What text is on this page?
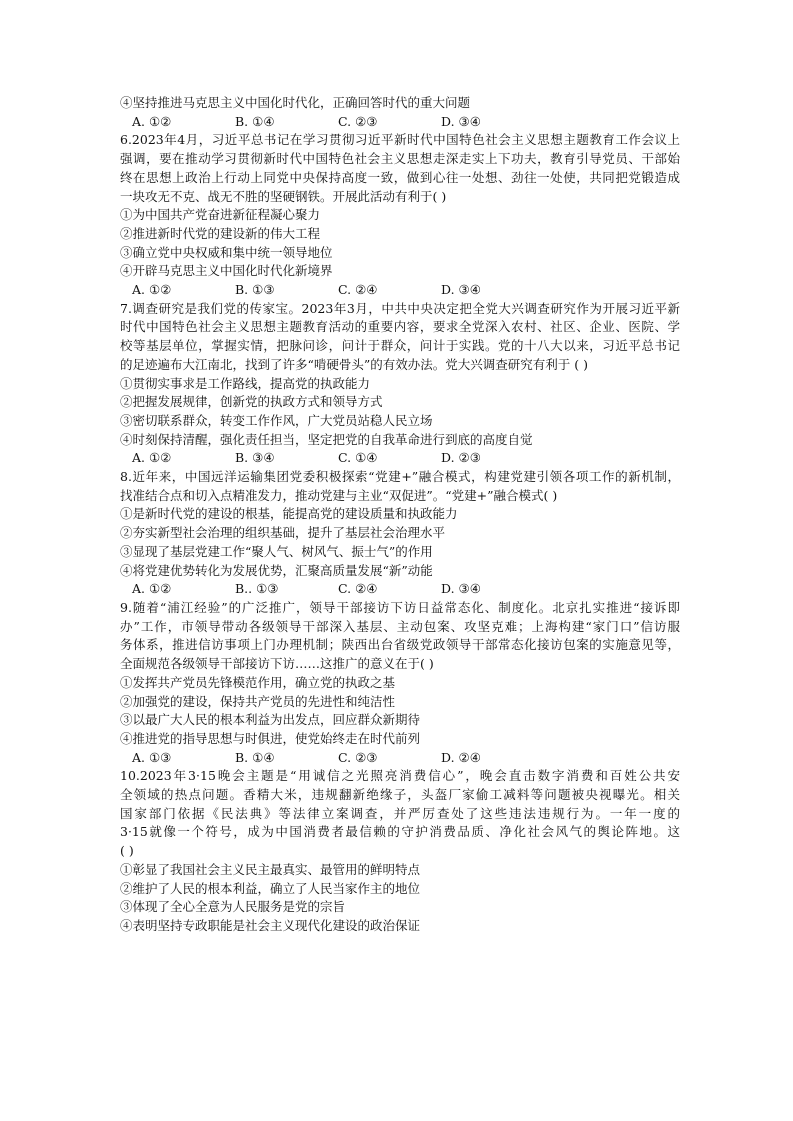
④坚持推进马克思主义中国化时代化，正确回答时代的重大问题
A. ①②	B. ①④	C. ②③	D. ③④
6.2023年4月，习近平总书记在学习贯彻习近平新时代中国特色社会主义思想主题教育工作会议上
强调，要在推动学习贯彻新时代中国特色社会主义思想走深走实上下功夫，教育引导党员、干部始
终在思想上政治上行动上同党中央保持高度一致，做到心往一处想、劲往一处使，共同把党锻造成
一块攻无不克、战无不胜的坚硬钢铁。开展此活动有利于( )
①为中国共产党奋进新征程凝心聚力
②推进新时代党的建设新的伟大工程
③确立党中央权威和集中统一领导地位
④开辟马克思主义中国化时代化新境界
A. ①②	B. ①③	C. ②④	D. ③④
7.调查研究是我们党的传家宝。2023年3月，中共中央决定把全党大兴调查研究作为开展习近平新
时代中国特色社会主义思想主题教育活动的重要内容，要求全党深入农村、社区、企业、医院、学
校等基层单位，掌握实情，把脉问诊，问计于群众，问计于实践。党的十八大以来，习近平总书记
的足迹遍布大江南北，找到了许多“啃硬骨头”的有效办法。党大兴调查研究有利于 ( )
①贯彻实事求是工作路线，提高党的执政能力
②把握发展规律，创新党的执政方式和领导方式
③密切联系群众，转变工作作风，广大党员站稳人民立场
④时刻保持清醒，强化责任担当，坚定把党的自我革命进行到底的高度自觉
A. ①②	B. ③④	C. ①④	D. ②③
8.近年来，中国远洋运输集团党委积极探索“党建+”融合模式，构建党建引领各项工作的新机制，
找准结合点和切入点精准发力，推动党建与主业“双促进”。“党建+”融合模式( )
①是新时代党的建设的根基，能提高党的建设质量和执政能力
②夯实新型社会治理的组织基础，提升了基层社会治理水平
③显现了基层党建工作“聚人气、树风气、振士气”的作用
④将党建优势转化为发展优势，汇聚高质量发展“新”动能
A. ①②	B.. ①③	C. ②④	D. ③④
9.随着“浦江经验”的广泛推广，领导干部接访下访日益常态化、制度化。北京扎实推进“接诉即
办”工作，市领导带动各级领导干部深入基层、主动包案、攻坚克难；上海构建“家门口”信访服
务体系，推进信访事项上门办理机制；陕西出台省级党政领导干部常态化接访包案的实施意见等，
全面规范各级领导干部接访下访……这推广的意义在于( )
①发挥共产党员先锋模范作用，确立党的执政之基
②加强党的建设，保持共产党员的先进性和纯洁性
③以最广大人民的根本利益为出发点，回应群众新期待
④推进党的指导思想与时俱进，使党始终走在时代前列
A. ①③	B. ①④	C. ②③	D. ②④
10.2023年3·15晚会主题是“用诚信之光照亮消费信心”，晚会直击数字消费和百姓公共安
全领域的热点问题。香精大米，违规翻新绝缘子，头盔厂家偷工减料等问题被央视曝光。相关
国家部门依据《民法典》等法律立案调查，并严厉查处了这些违法违规行为。一年一度的
3·15就像一个符号，成为中国消费者最信赖的守护消费品质、净化社会风气的舆论阵地。这
( )
①彰显了我国社会主义民主最真实、最管用的鲜明特点
②维护了人民的根本利益，确立了人民当家作主的地位
③体现了全心全意为人民服务是党的宗旨
④表明坚持专政职能是社会主义现代化建设的政治保证
